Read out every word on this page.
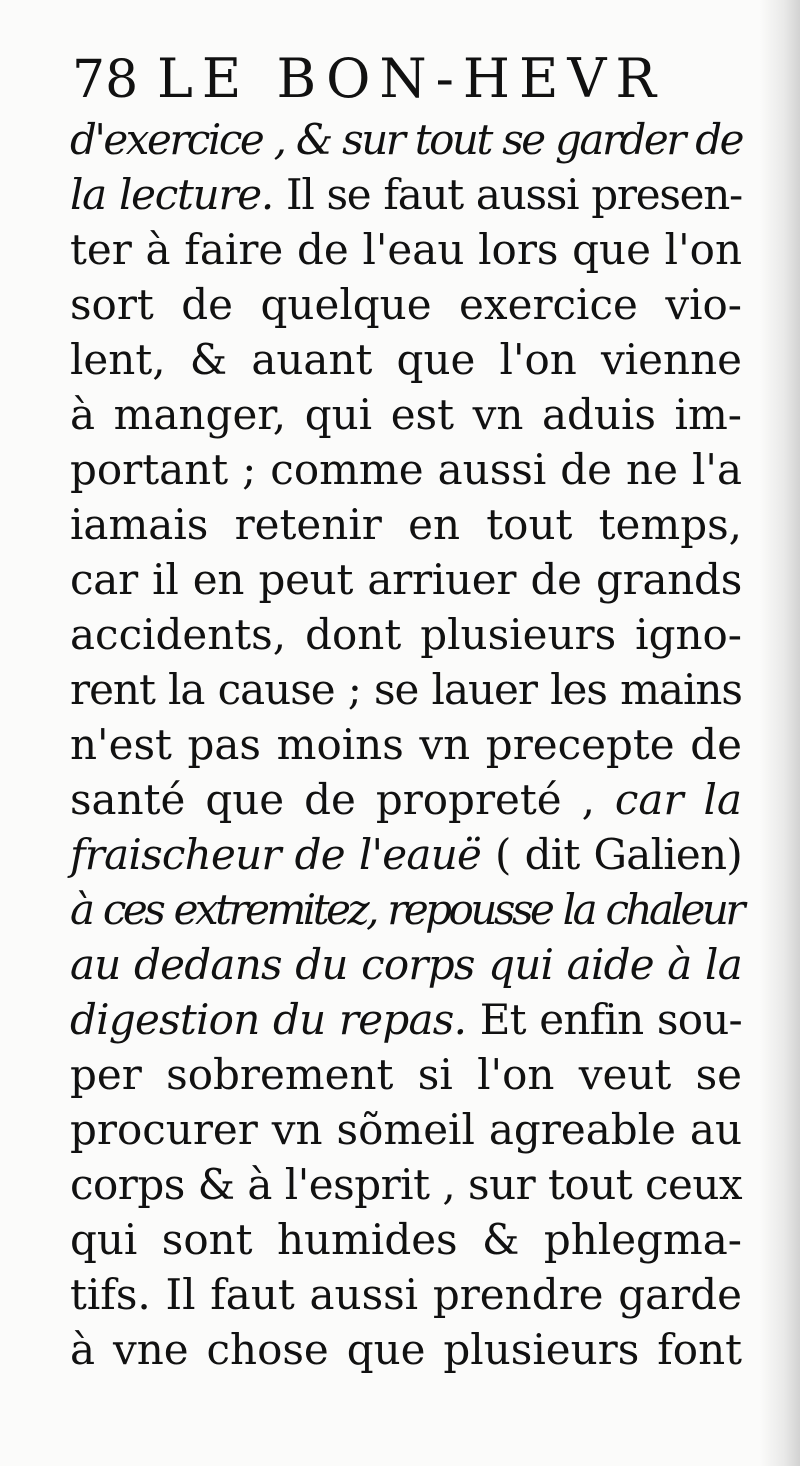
78 LE BON-HEVR
d'exercice , & sur tout se garder de
la lecture. Il se faut aussi presen-
ter à faire de l'eau lors que l'on
sort de quelque exercice vio-
lent, & auant que l'on vienne
à manger, qui est vn aduis im-
portant ; comme aussi de ne l'a
iamais retenir en tout temps,
car il en peut arriuer de grands
accidents, dont plusieurs igno-
rent la cause ; se lauer les mains
n'est pas moins vn precepte de
santé que de propreté , car la
fraischeur de l'eauë ( dit Galien)
à ces extremitez, repousse la chaleur
au dedans du corps qui aide à la
digestion du repas. Et enfin sou-
per sobrement si l'on veut se
procurer vn sõmeil agreable au
corps & à l'esprit , sur tout ceux
qui sont humides & phlegma-
tifs. Il faut aussi prendre garde
à vne chose que plusieurs font
